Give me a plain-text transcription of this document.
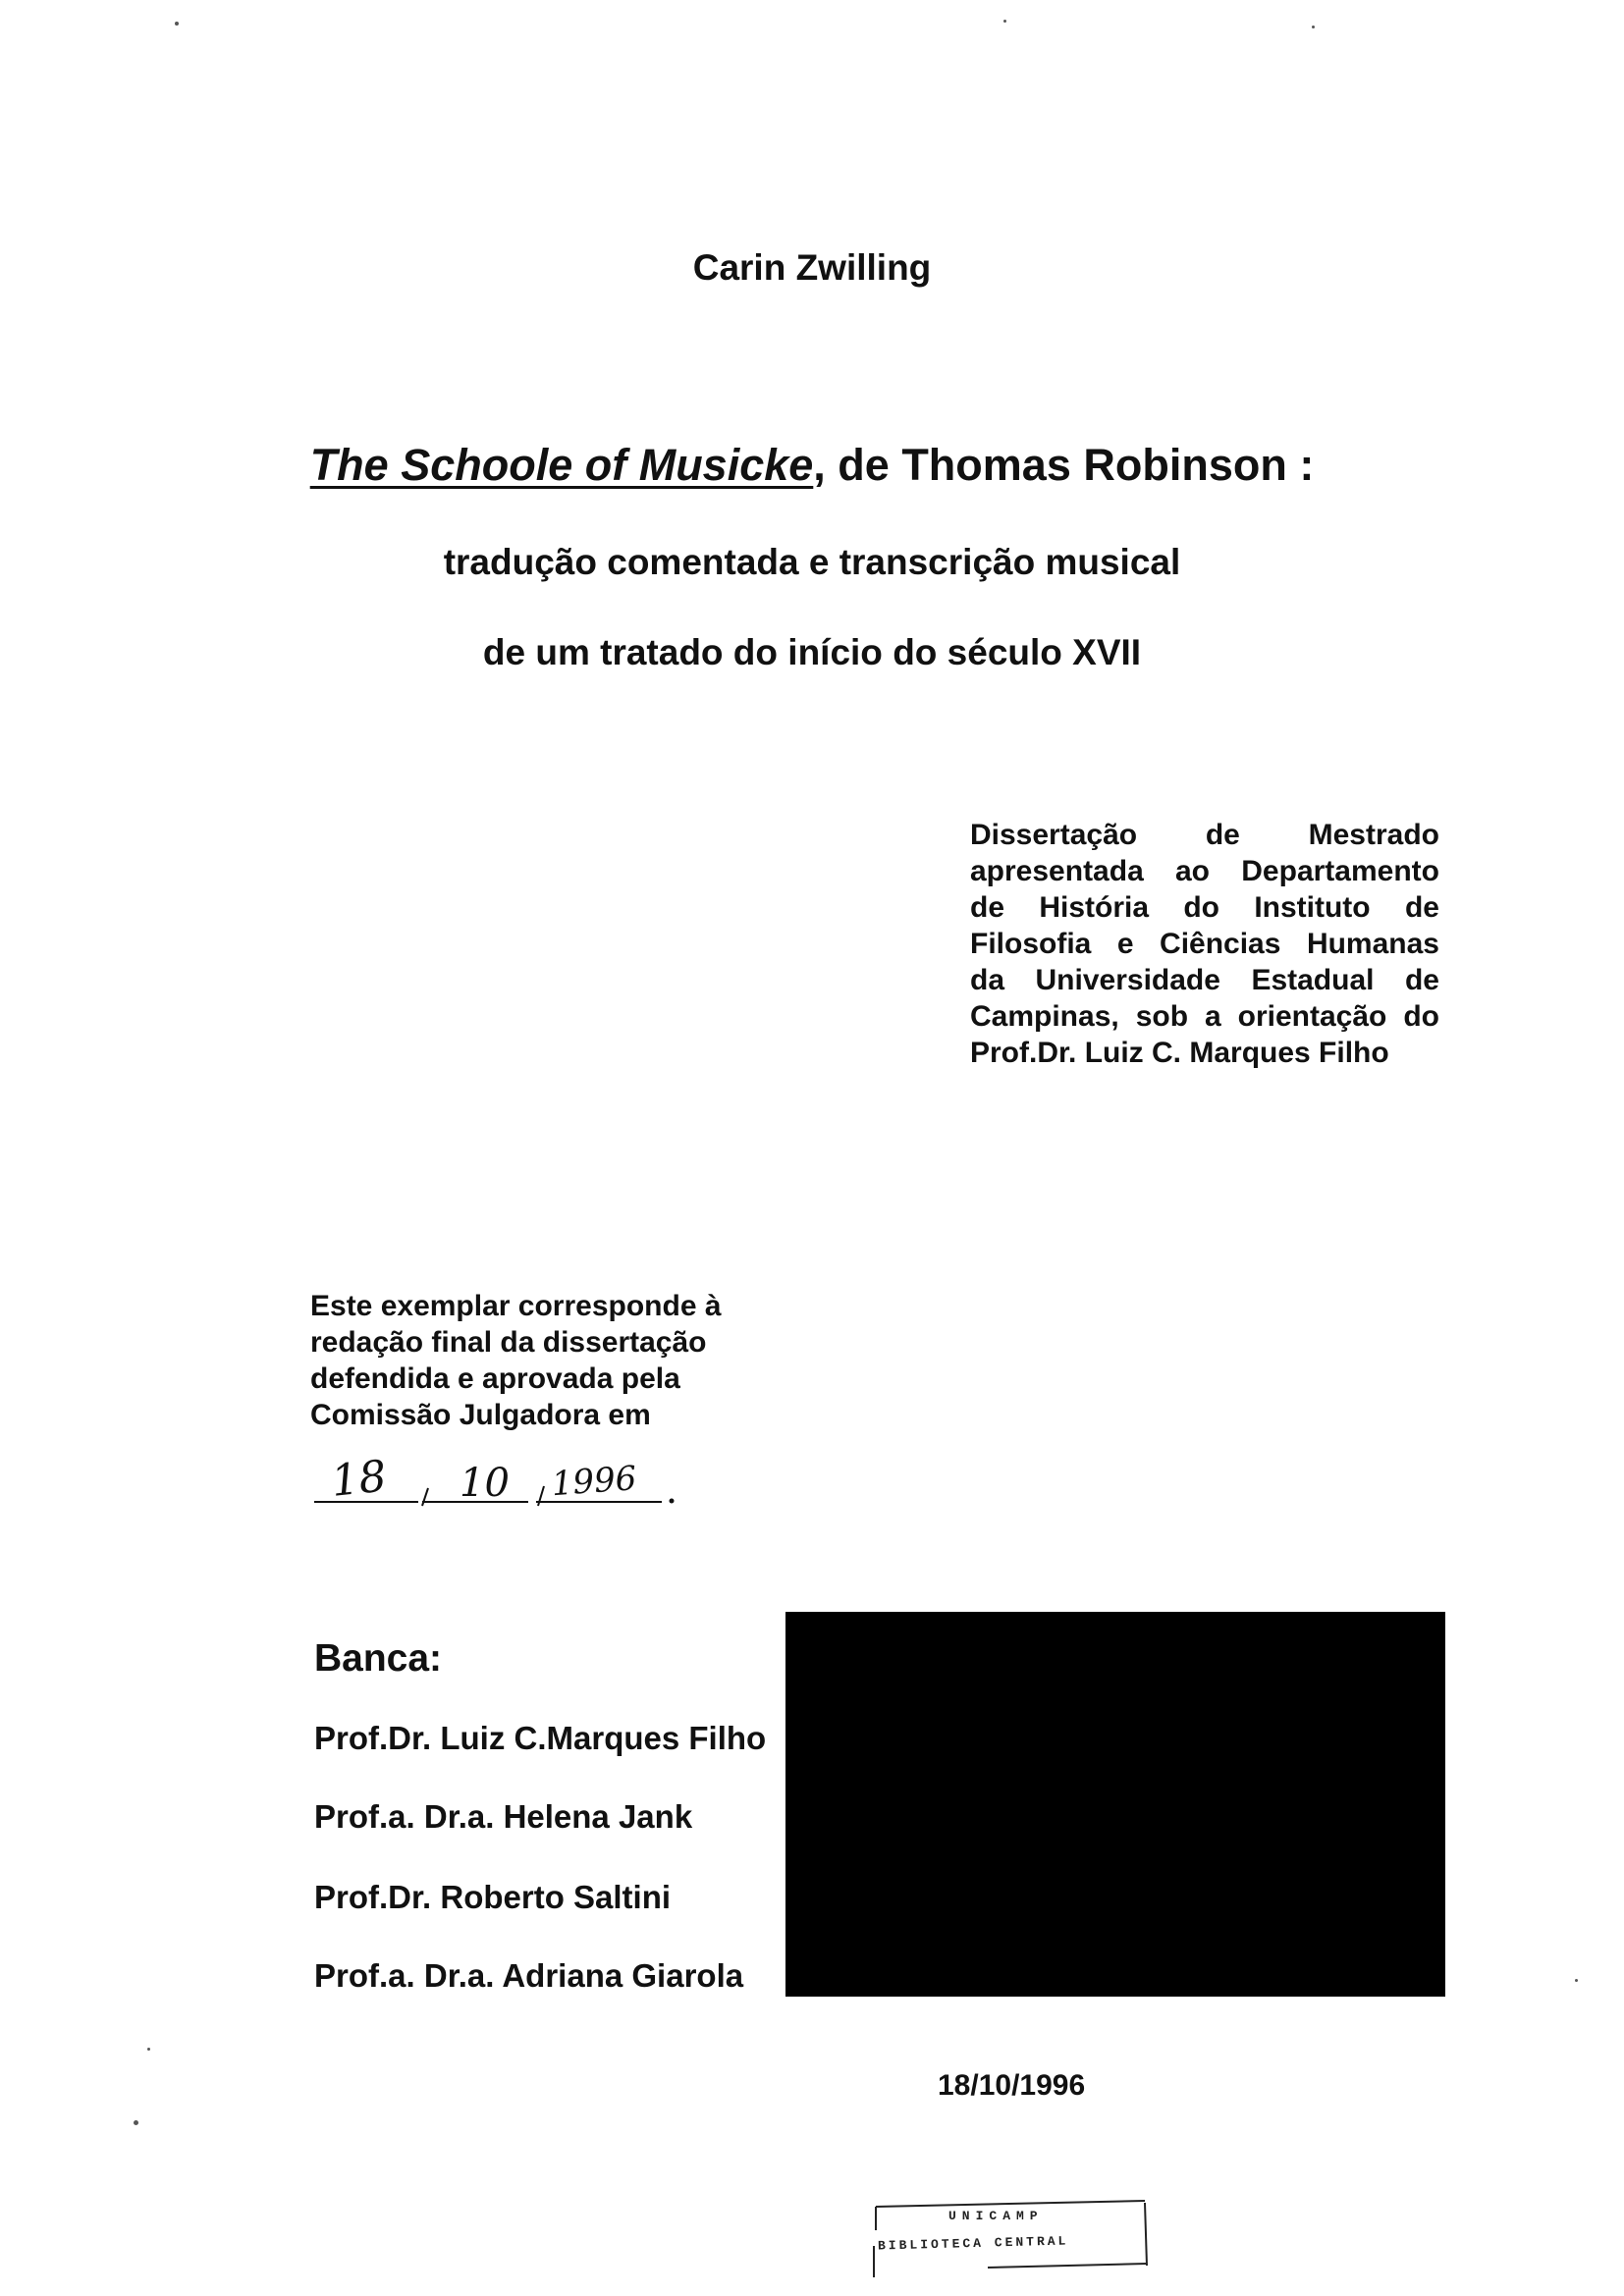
Carin Zwilling
The Schoole of Musicke, de Thomas Robinson :
tradução comentada e transcrição musical
de um tratado do início do século XVII
Dissertação de Mestrado
apresentada ao Departamento
de História do Instituto de
Filosofia e Ciências Humanas
da Universidade Estadual de
Campinas, sob a orientação do
Prof.Dr. Luiz C. Marques Filho
Este exemplar corresponde à
redação final da dissertação
defendida e aprovada pela
Comissão Julgadora em
18 10 1996
Banca:
Prof.Dr. Luiz C.Marques Filho
Prof.a. Dr.a. Helena Jank
Prof.Dr. Roberto Saltini
Prof.a. Dr.a. Adriana Giarola
18/10/1996
UNICAMP
BIBLIOTECA CENTRAL
